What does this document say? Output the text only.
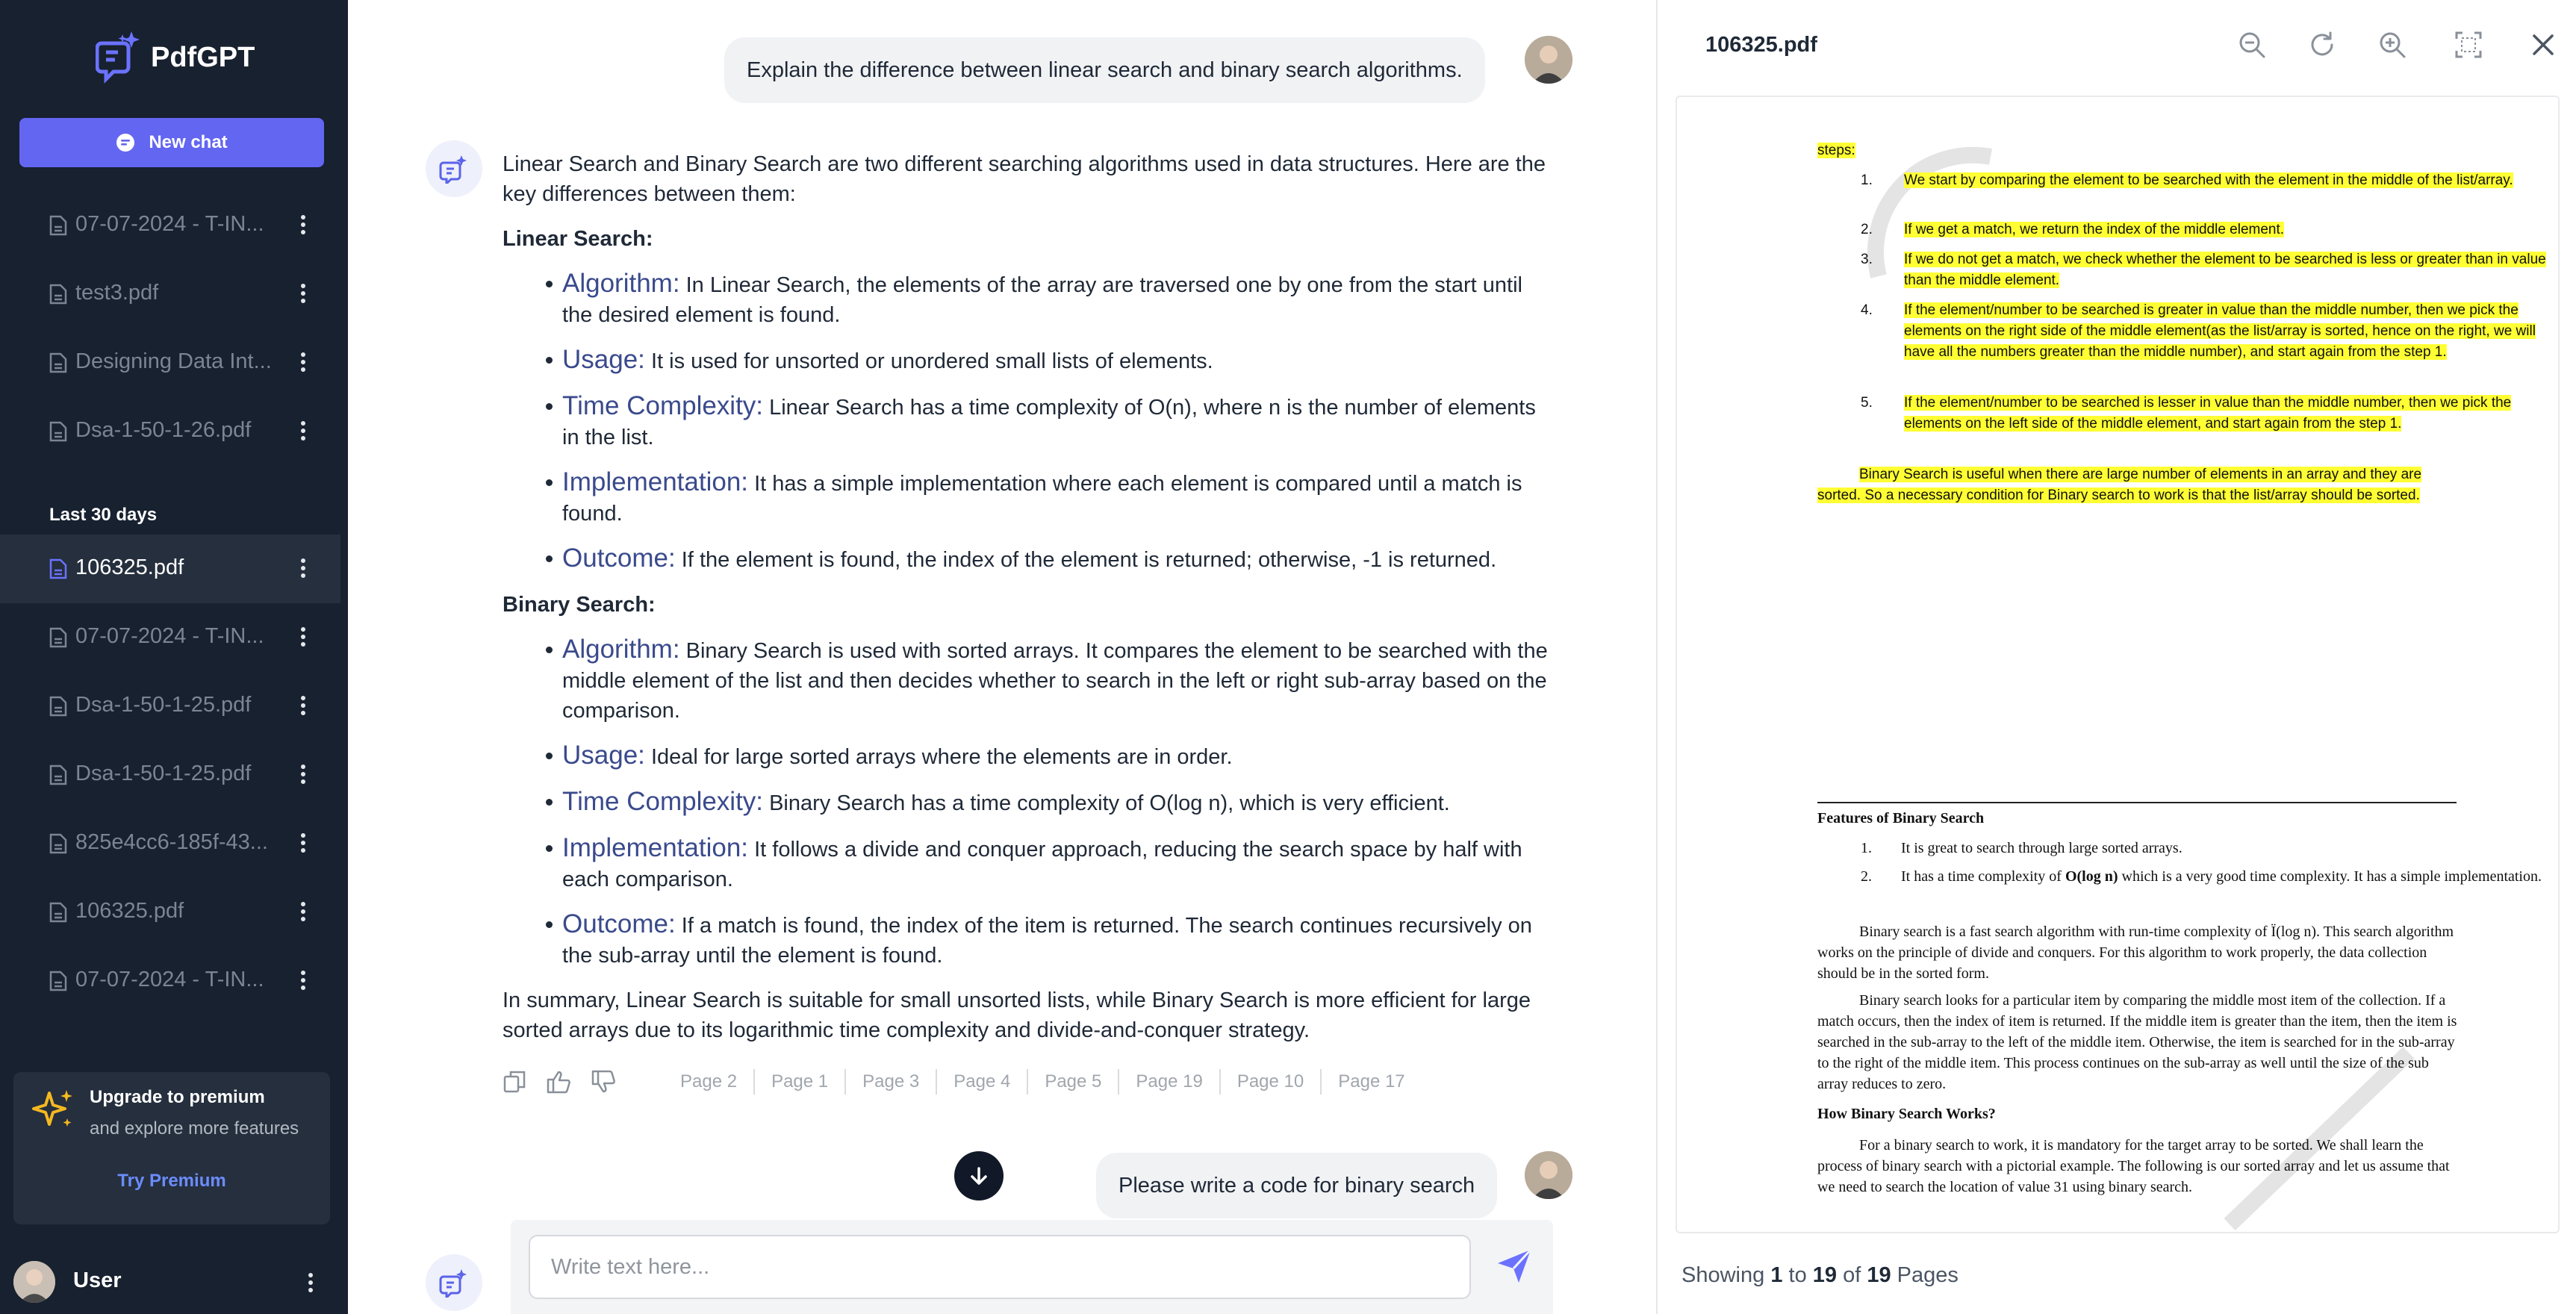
PdfGPT
New chat
07-07-2024 - T-IN...
test3.pdf
Designing Data Int...
Dsa-1-50-1-26.pdf
Last 30 days
106325.pdf
07-07-2024 - T-IN...
Dsa-1-50-1-25.pdf
Dsa-1-50-1-25.pdf
825e4cc6-185f-43...
106325.pdf
07-07-2024 - T-IN...
Upgrade to premium
and explore more features
Try Premium
User
Explain the difference between linear search and binary search algorithms.

Linear Search and Binary Search are two different searching algorithms used in data structures. Here are the key differences between them:

Linear Search:
Algorithm: In Linear Search, the elements of the array are traversed one by one from the start until the desired element is found.
Usage: It is used for unsorted or unordered small lists of elements.
Time Complexity: Linear Search has a time complexity of O(n), where n is the number of elements in the list.
Implementation: It has a simple implementation where each element is compared until a match is found.
Outcome: If the element is found, the index of the element is returned; otherwise, -1 is returned.
Binary Search:
Algorithm: Binary Search is used with sorted arrays. It compares the element to be searched with the middle element of the list and then decides whether to search in the left or right sub-array based on the comparison.
Usage: Ideal for large sorted arrays where the elements are in order.
Time Complexity: Binary Search has a time complexity of O(log n), which is very efficient.
Implementation: It follows a divide and conquer approach, reducing the search space by half with each comparison.
Outcome: If a match is found, the index of the item is returned. The search continues recursively on the sub-array until the element is found.

In summary, Linear Search is suitable for small unsorted lists, while Binary Search is more efficient for large sorted arrays due to its logarithmic time complexity and divide-and-conquer strategy.

Page 2	Page 1	Page 3	Page 4	Page 5	Page 19	Page 10	Page 17
Please write a code for binary search
Write text here...
106325.pdf
steps:
1.	We start by comparing the element to be searched with the element in the middle of the list/array.
2.	If we get a match, we return the index of the middle element.
3.	If we do not get a match, we check whether the element to be searched is less or greater than in value than the middle element.
4.	If the element/number to be searched is greater in value than the middle number, then we pick the elements on the right side of the middle element(as the list/array is sorted, hence on the right, we will have all the numbers greater than the middle number), and start again from the step 1.
5.	If the element/number to be searched is lesser in value than the middle number, then we pick the elements on the left side of the middle element, and start again from the step 1.
Binary Search is useful when there are large number of elements in an array and they are sorted. So a necessary condition for Binary search to work is that the list/array should be sorted.
Features of Binary Search
1. It is great to search through large sorted arrays.
2. It has a time complexity of O(log n) which is a very good time complexity. It has a simple implementation.
Binary search is a fast search algorithm with run-time complexity of Ï(log n). This search algorithm works on the principle of divide and conquers. For this algorithm to work properly, the data collection should be in the sorted form.
Binary search looks for a particular item by comparing the middle most item of the collection. If a match occurs, then the index of item is returned. If the middle item is greater than the item, then the item is searched in the sub-array to the left of the middle item. Otherwise, the item is searched for in the sub-array to the right of the middle item. This process continues on the sub-array as well until the size of the sub array reduces to zero.
How Binary Search Works?
For a binary search to work, it is mandatory for the target array to be sorted. We shall learn the process of binary search with a pictorial example. The following is our sorted array and let us assume that we need to search the location of value 31 using binary search.
Showing 1 to 19 of 19 Pages
